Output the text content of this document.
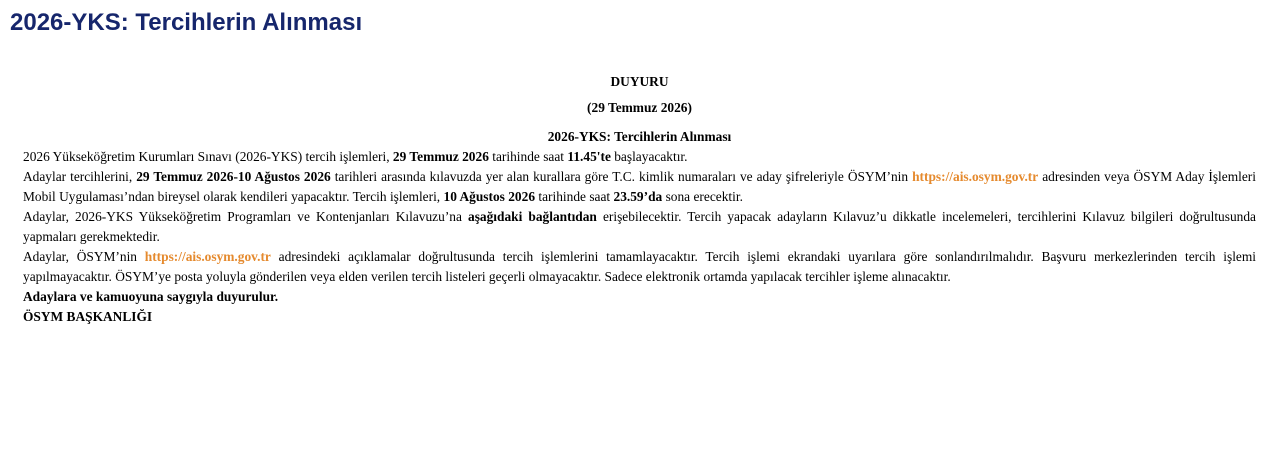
2026-YKS: Tercihlerin Alınması

DUYURU

(29 Temmuz 2026)

2026-YKS: Tercihlerin Alınması

2026 Yükseköğretim Kurumları Sınavı (2026-YKS) tercih işlemleri, 29 Temmuz 2026 tarihinde saat 11.45'te başlayacaktır.

Adaylar tercihlerini, 29 Temmuz 2026-10 Ağustos 2026 tarihleri arasında kılavuzda yer alan kurallara göre T.C. kimlik numaraları ve aday şifreleriyle ÖSYM’nin https://ais.osym.gov.tr adresinden veya ÖSYM Aday İşlemleri Mobil Uygulaması’ndan bireysel olarak kendileri yapacaktır. Tercih işlemleri, 10 Ağustos 2026 tarihinde saat 23.59’da sona erecektir.

Adaylar, 2026-YKS Yükseköğretim Programları ve Kontenjanları Kılavuzu’na aşağıdaki bağlantıdan erişebilecektir. Tercih yapacak adayların Kılavuz’u dikkatle incelemeleri, tercihlerini Kılavuz bilgileri doğrultusunda yapmaları gerekmektedir.

Adaylar, ÖSYM’nin https://ais.osym.gov.tr adresindeki açıklamalar doğrultusunda tercih işlemlerini tamamlayacaktır. Tercih işlemi ekrandaki uyarılara göre sonlandırılmalıdır. Başvuru merkezlerinden tercih işlemi yapılmayacaktır. ÖSYM’ye posta yoluyla gönderilen veya elden verilen tercih listeleri geçerli olmayacaktır. Sadece elektronik ortamda yapılacak tercihler işleme alınacaktır.

Adaylara ve kamuoyuna saygıyla duyurulur.

ÖSYM BAŞKANLIĞI
